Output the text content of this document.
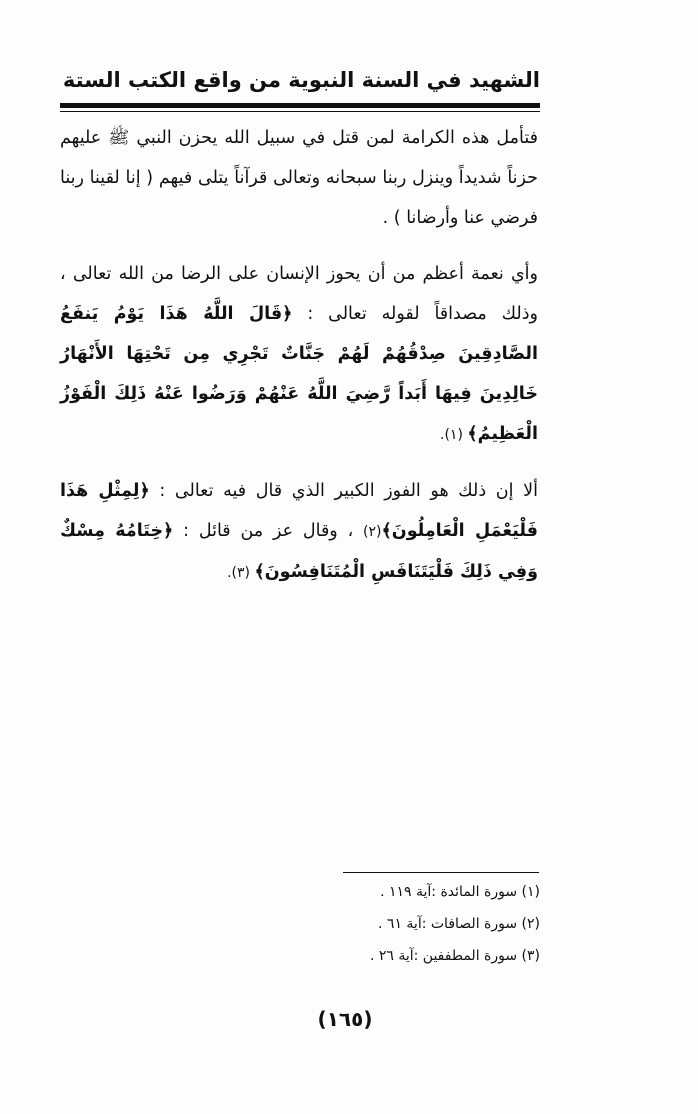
الشهيد في السنة النبوية من واقع الكتب الستة

فتأمل هذه الكرامة لمن قتل في سبيل الله يحزن النبي ﷺ عليهم حزناً شديداً وينزل ربنا سبحانه وتعالى قرآناً يتلى فيهم ( إنا لقينا ربنا فرضي عنا وأرضانا ) .

وأي نعمة أعظم من أن يحوز الإنسان على الرضا من الله تعالى ، وذلك مصداقاً لقوله تعالى : ﴿قَالَ اللَّهُ هَذَا يَوْمُ يَنفَعُ الصَّادِقِينَ صِدْقُهُمْ لَهُمْ جَنَّاتٌ تَجْرِي مِن تَحْتِهَا الأَنْهَارُ خَالِدِينَ فِيهَا أَبَداً رَّضِيَ اللَّهُ عَنْهُمْ وَرَضُوا عَنْهُ ذَلِكَ الْفَوْزُ الْعَظِيمُ﴾ (١).

ألا إن ذلك هو الفوز الكبير الذي قال فيه تعالى : ﴿لِمِثْلِ هَذَا فَلْيَعْمَلِ الْعَامِلُونَ﴾(٢) ، وقال عز من قائل : ﴿خِتَامُهُ مِسْكٌ وَفِي ذَلِكَ فَلْيَتَنَافَسِ الْمُتَنَافِسُونَ﴾ (٣).

(١) سورة المائدة :آية ١١٩ .
(٢) سورة الصافات :آية ٦١ .
(٣) سورة المطففين :آية ٢٦ .
(١٦٥)
